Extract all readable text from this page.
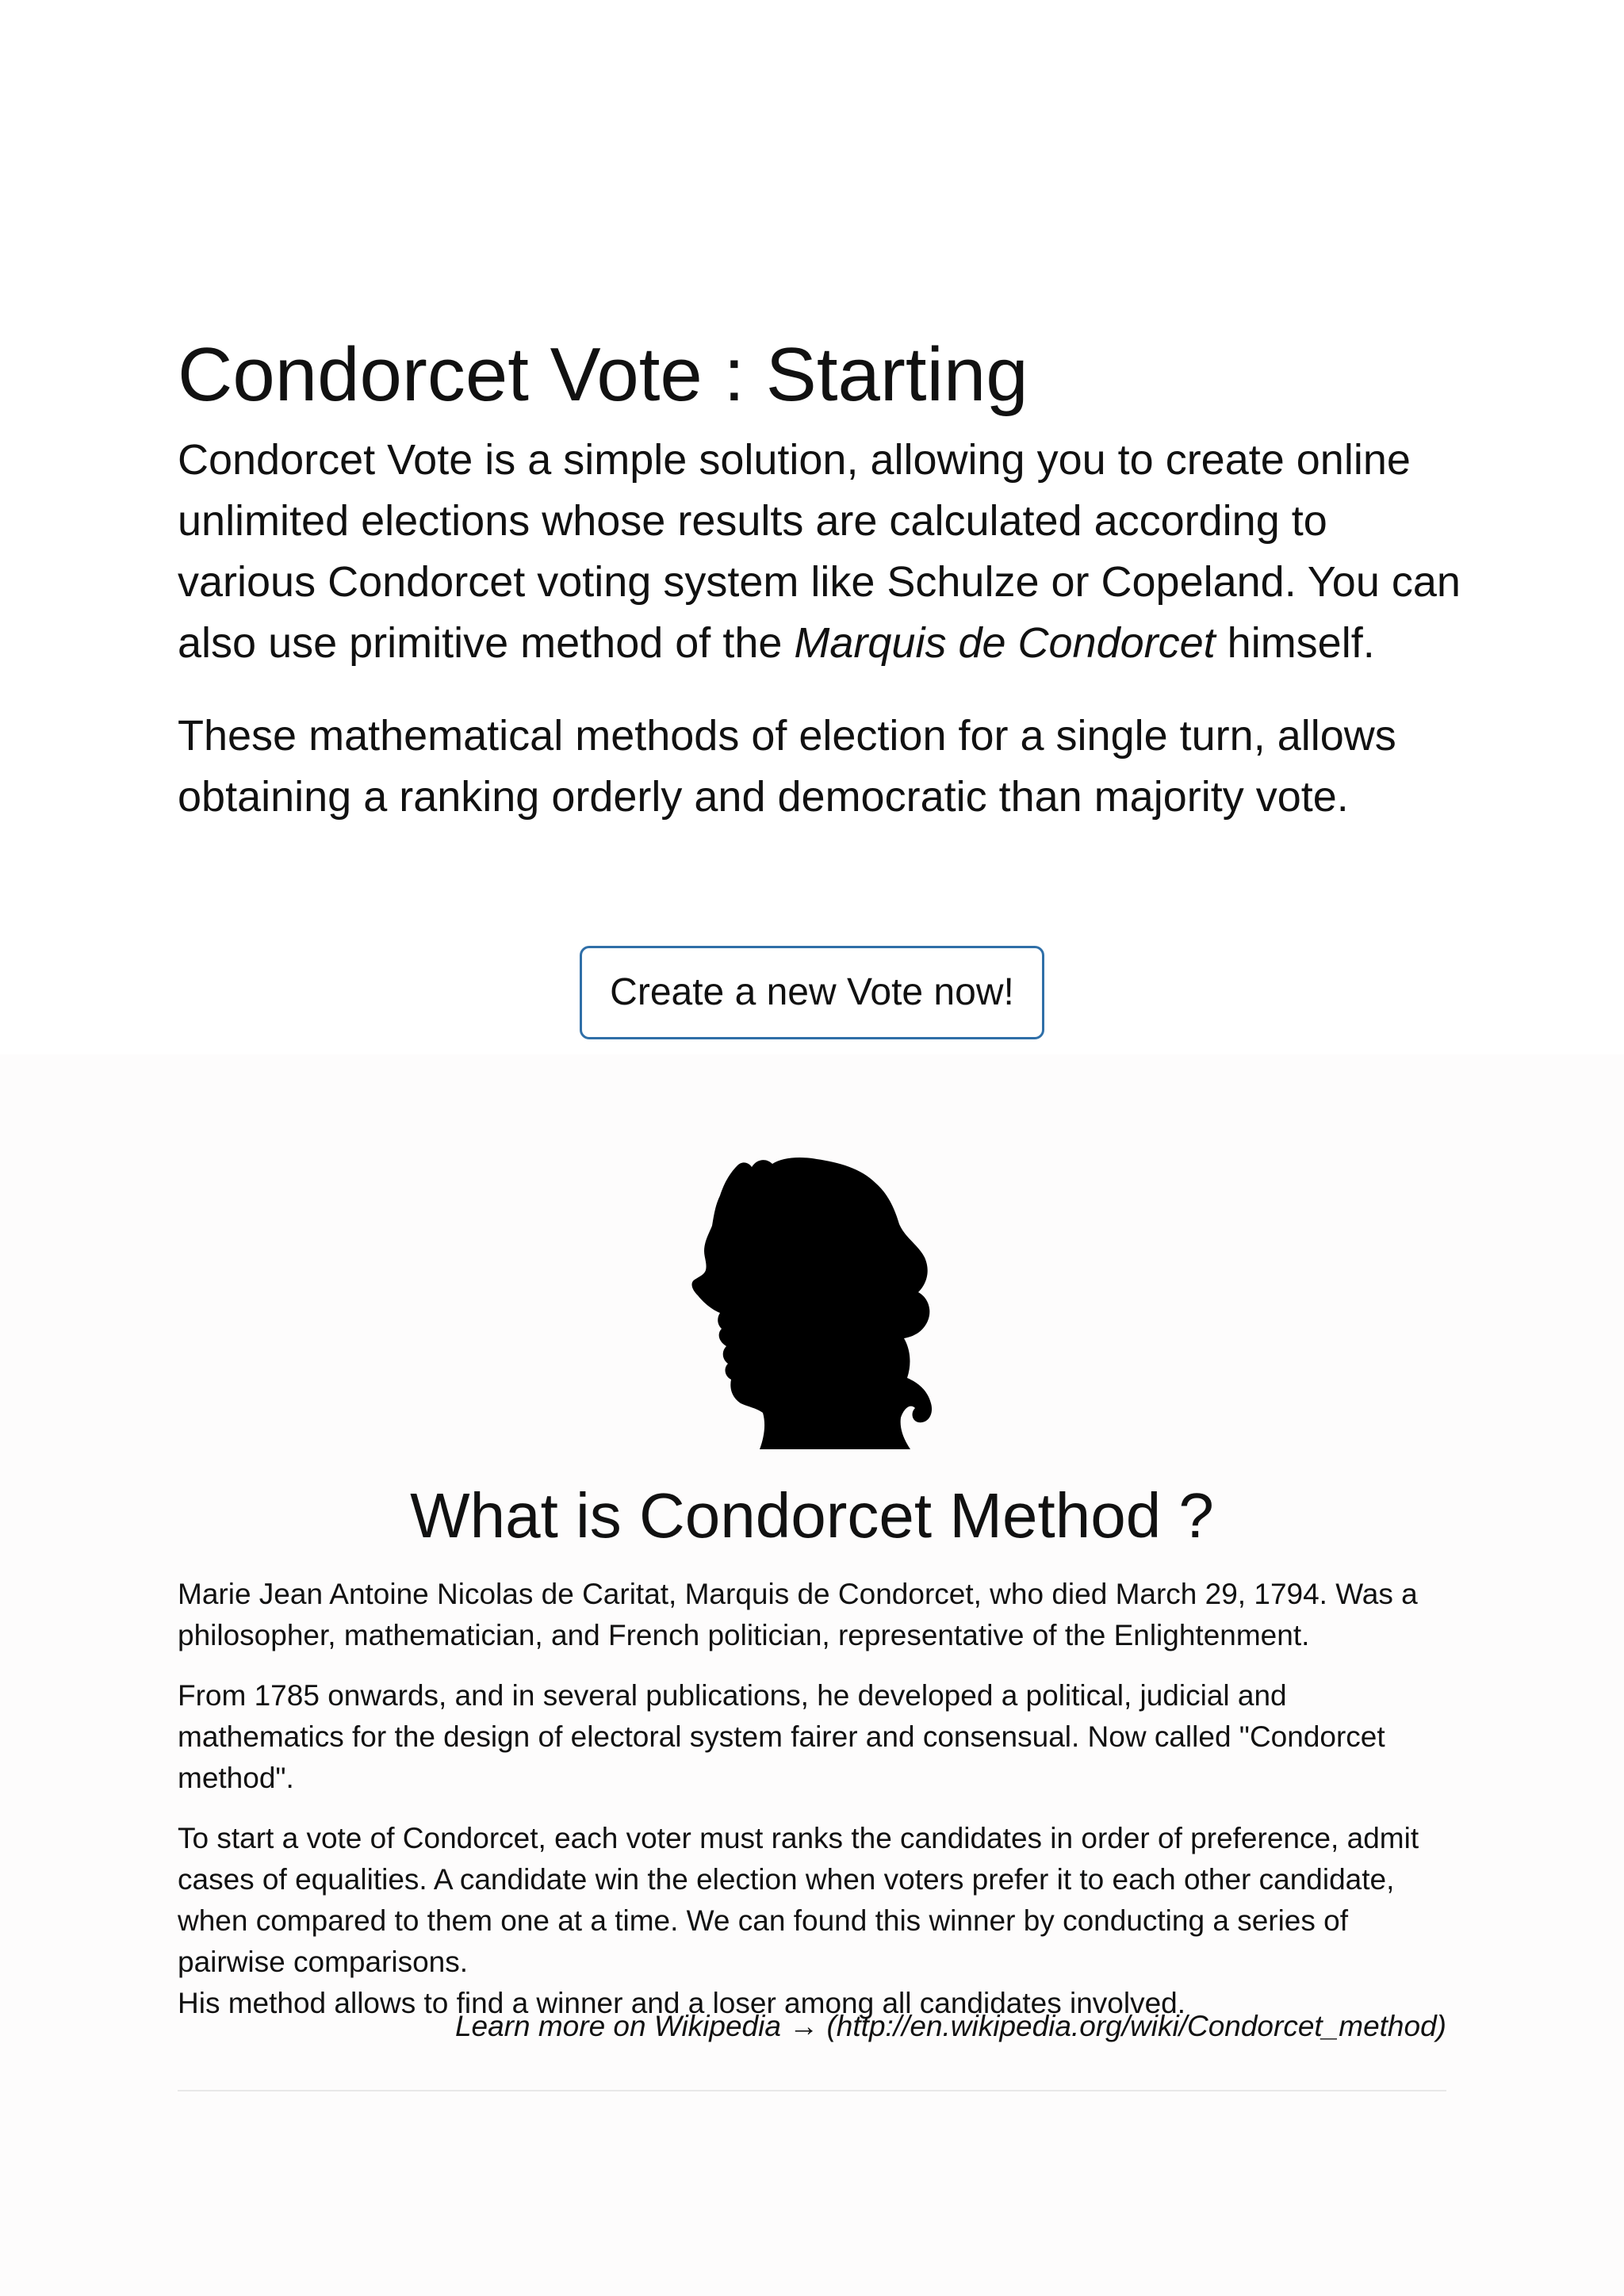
Condorcet Vote : Starting

Condorcet Vote is a simple solution, allowing you to create online unlimited elections whose results are calculated according to various Condorcet voting system like Schulze or Copeland. You can also use primitive method of the Marquis de Condorcet himself.

These mathematical methods of election for a single turn, allows obtaining a ranking orderly and democratic than majority vote.

Create a new Vote now!
What is Condorcet Method ?

Marie Jean Antoine Nicolas de Caritat, Marquis de Condorcet, who died March 29, 1794. Was a philosopher, mathematician, and French politician, representative of the Enlightenment.

From 1785 onwards, and in several publications, he developed a political, judicial and mathematics for the design of electoral system fairer and consensual. Now called "Condorcet method".

To start a vote of Condorcet, each voter must ranks the candidates in order of preference, admit cases of equalities. A candidate win the election when voters prefer it to each other candidate, when compared to them one at a time. We can found this winner by conducting a series of pairwise comparisons.

His method allows to find a winner and a loser among all candidates involved.

Learn more on Wikipedia → (http://en.wikipedia.org/wiki/Condorcet_method)
